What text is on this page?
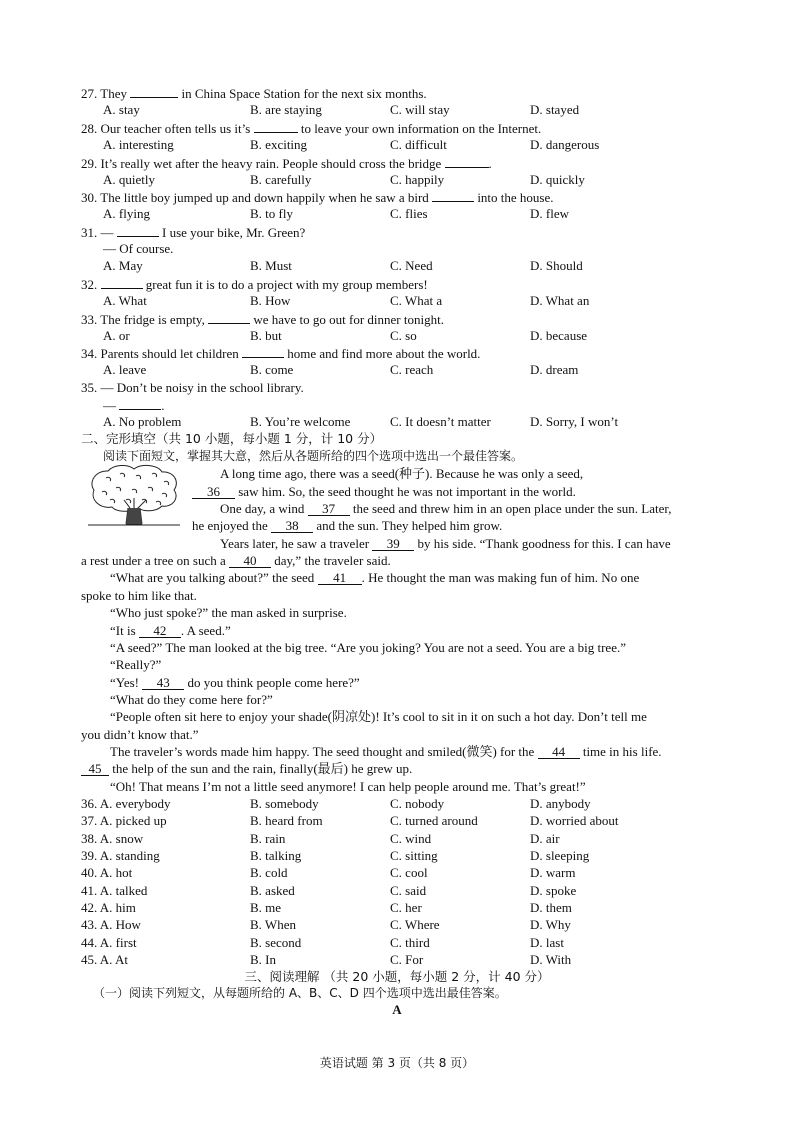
27. They	in China Space Station for the next six months.
A. stay	B. are staying	C. will stay	D. stayed
28. Our teacher often tells us it’s	to leave your own information on the Internet.
A. interesting	B. exciting	C. difficult	D. dangerous
29. It’s really wet after the heavy rain. People should cross the bridge	.
A. quietly	B. carefully	C. happily	D. quickly
30. The little boy jumped up and down happily when he saw a bird	into the house.
A. flying	B. to fly	C. flies	D. flew
31. —	I use your bike, Mr. Green?
— Of course.
A. May	B. Must	C. Need	D. Should
32.	great fun it is to do a project with my group members!
A. What	B. How	C. What a	D. What an
33. The fridge is empty,	we have to go out for dinner tonight.
A. or	B. but	C. so	D. because
34. Parents should let children	home and find more about the world.
A. leave	B. come	C. reach	D. dream
35. — Don’t be noisy in the school library.
—	.
A. No problem	B. You’re welcome	C. It doesn’t matter	D. Sorry, I won’t
二、完形填空（共 10 小题，每小题 1 分，计 10 分）
阅读下面短文，掌握其大意，然后从各题所给的四个选项中选出一个最佳答案。
A long time ago, there was a seed(种子). Because he was only a seed,
36 saw him. So, the seed thought he was not important in the world.
One day, a wind 37 the seed and threw him in an open place under the sun. Later,
he enjoyed the 38 and the sun. They helped him grow.
Years later, he saw a traveler 39 by his side. “Thank goodness for this. I can have
a rest under a tree on such a 40 day,” the traveler said.
“What are you talking about?” the seed 41 . He thought the man was making fun of him. No one
spoke to him like that.
“Who just spoke?” the man asked in surprise.
“It is 42 . A seed.”
“A seed?” The man looked at the big tree. “Are you joking? You are not a seed. You are a big tree.”
“Really?”
“Yes! 43 do you think people come here?”
“What do they come here for?”
“People often sit here to enjoy your shade(阴凉处)! It’s cool to sit in it on such a hot day. Don’t tell me
you didn’t know that.”
The traveler’s words made him happy. The seed thought and smiled(微笑) for the 44 time in his life.
45 the help of the sun and the rain, finally(最后) he grew up.
“Oh! That means I’m not a little seed anymore! I can help people around me. That’s great!”
36. A. everybody	B. somebody	C. nobody	D. anybody
37. A. picked up	B. heard from	C. turned around	D. worried about
38. A. snow	B. rain	C. wind	D. air
39. A. standing	B. talking	C. sitting	D. sleeping
40. A. hot	B. cold	C. cool	D. warm
41. A. talked	B. asked	C. said	D. spoke
42. A. him	B. me	C. her	D. them
43. A. How	B. When	C. Where	D. Why
44. A. first	B. second	C. third	D. last
45. A. At	B. In	C. For	D. With
三、阅读理解 （共 20 小题，每小题 2 分，计 40 分）
（一）阅读下列短文，从每题所给的 A、B、C、D 四个选项中选出最佳答案。
A
英语试题 第 3 页（共 8 页）
